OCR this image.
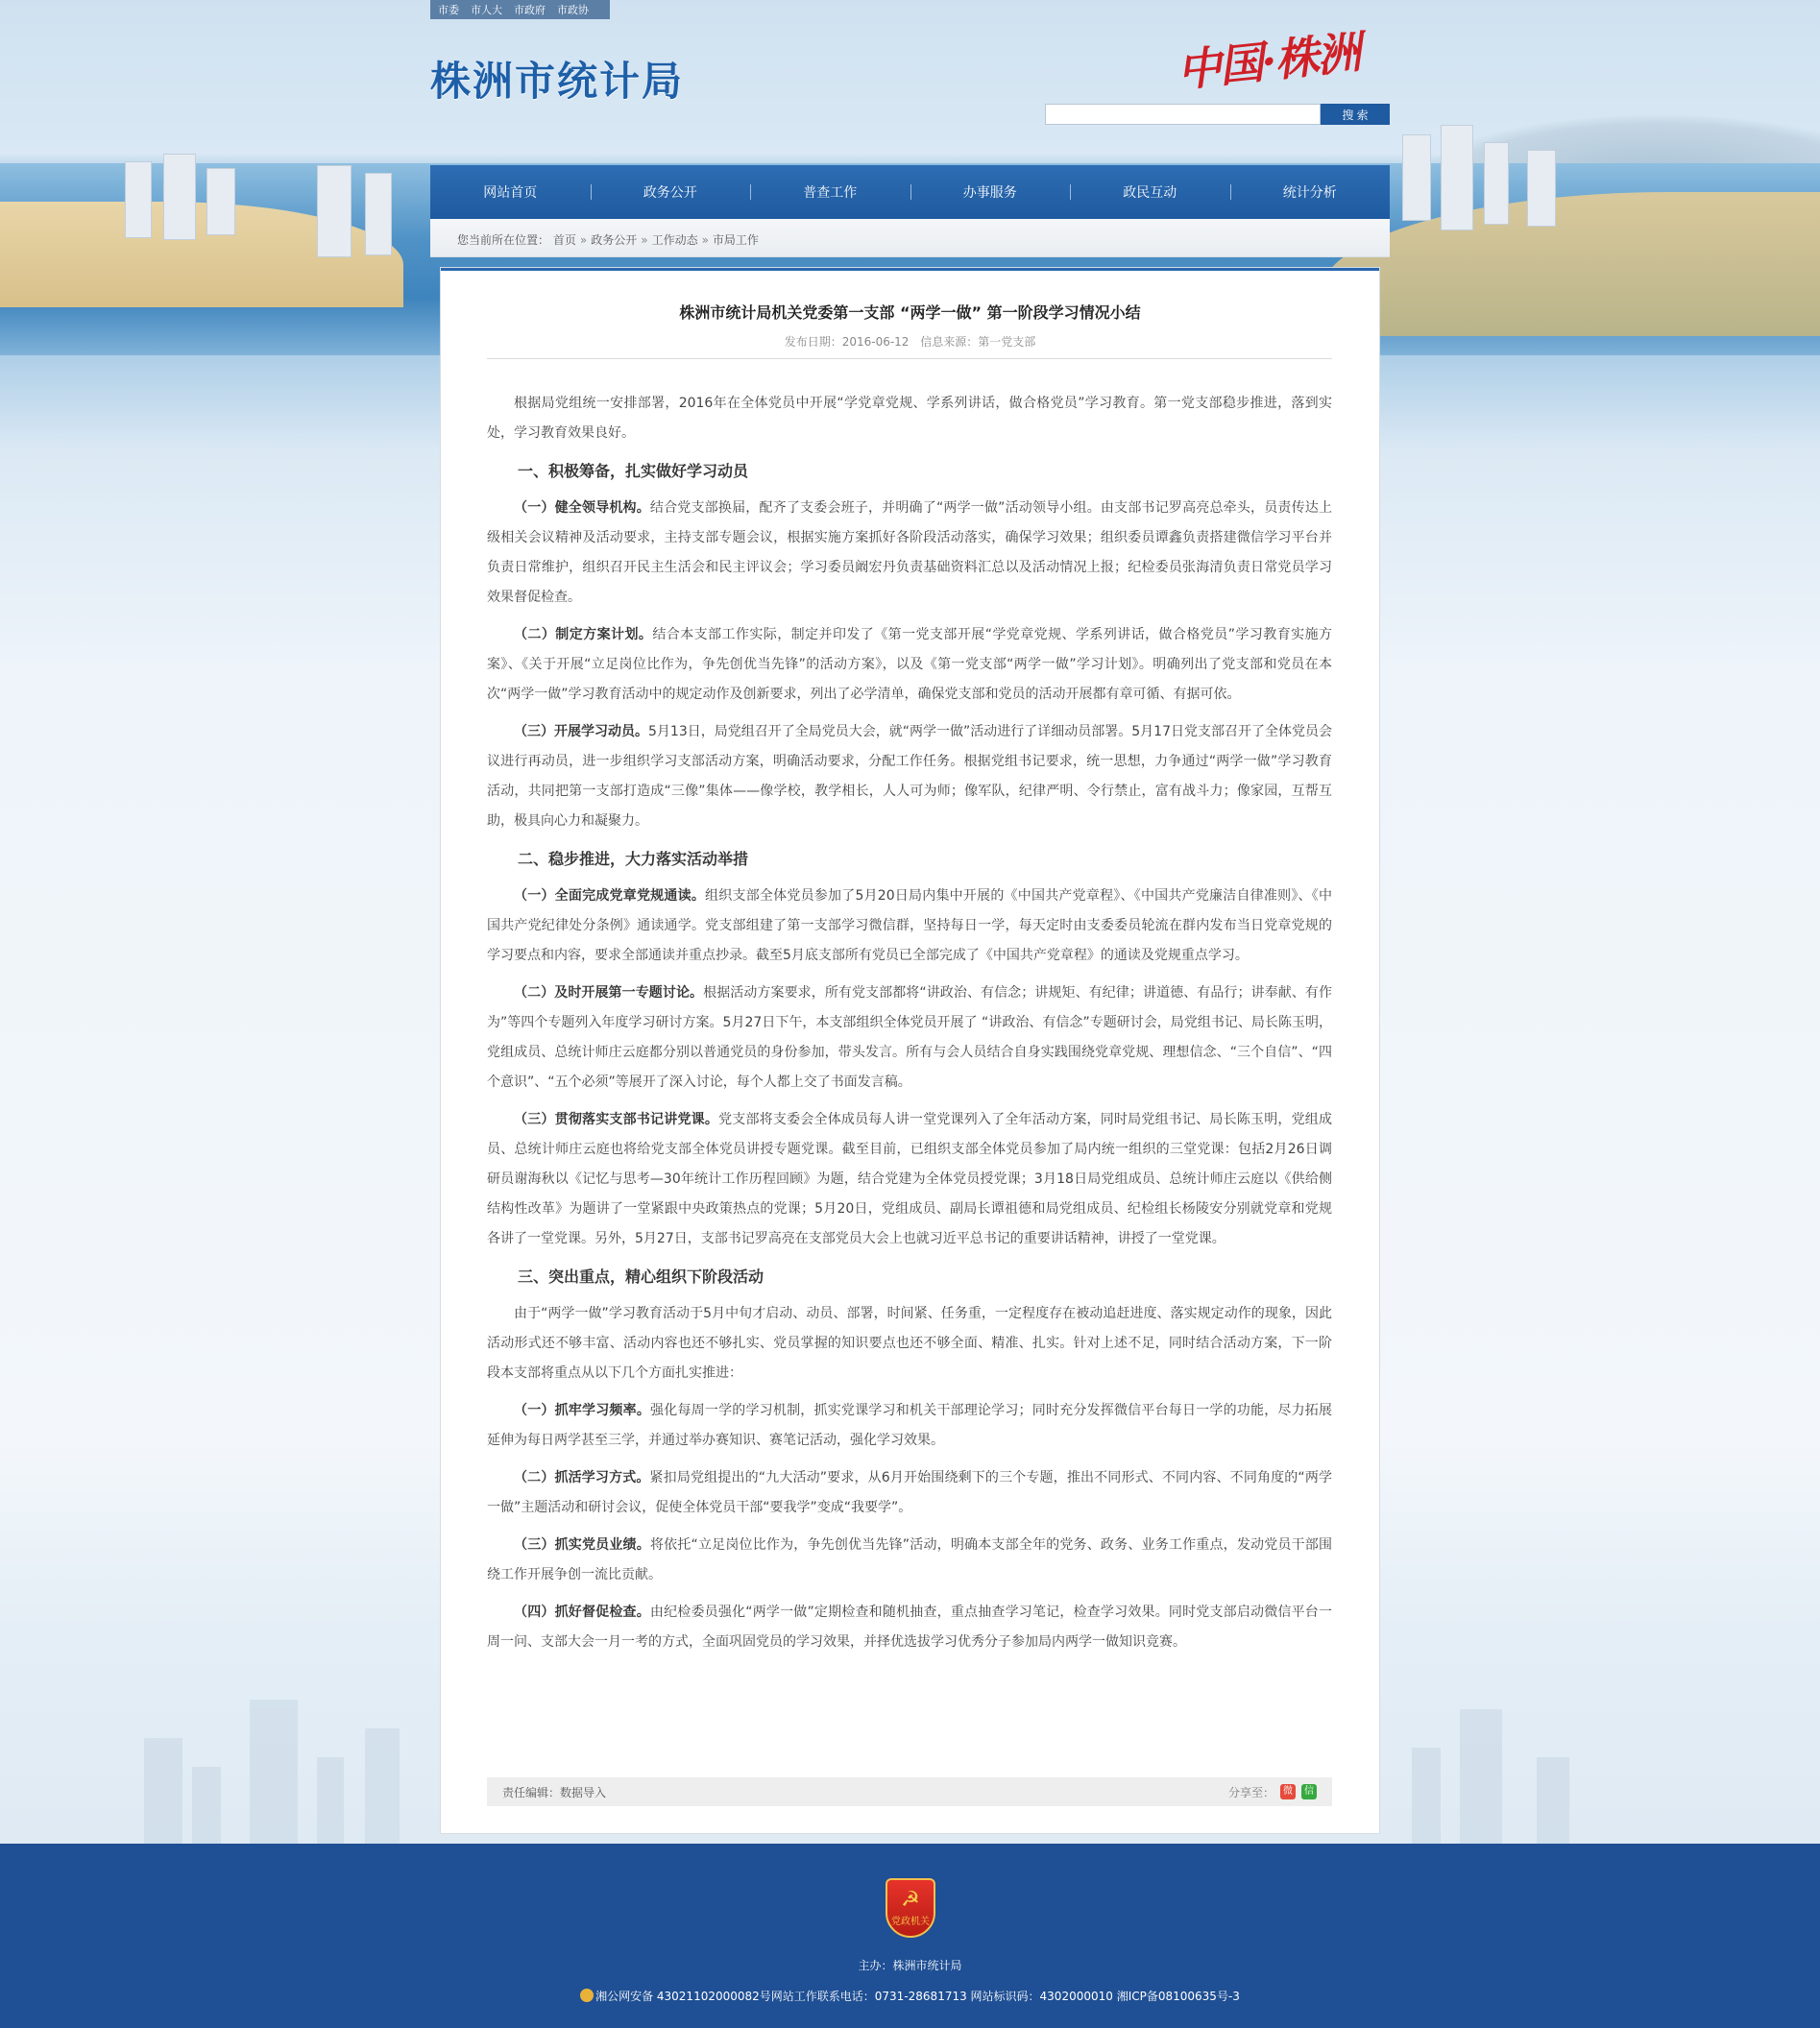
市委 市人大 市政府 市政协
株洲市统计局	中国·株洲
搜 索
网站首页	政务公开	普查工作	办事服务	政民互动	统计分析
您当前所在位置： 首页 » 政务公开 » 工作动态 » 市局工作
株洲市统计局机关党委第一支部 “两学一做” 第一阶段学习情况小结
发布日期：2016-06-12 信息来源：第一党支部

根据局党组统一安排部署，2016年在全体党员中开展“学党章党规、学系列讲话，做合格党员”学习教育。第一党支部稳步推进，落到实处，学习教育效果良好。

一、积极筹备，扎实做好学习动员

（一）健全领导机构。结合党支部换届，配齐了支委会班子，并明确了“两学一做”活动领导小组。由支部书记罗高亮总牵头，员责传达上级相关会议精神及活动要求，主持支部专题会议，根据实施方案抓好各阶段活动落实，确保学习效果；组织委员谭鑫负责搭建微信学习平台并负责日常维护，组织召开民主生活会和民主评议会；学习委员阚宏丹负责基础资料汇总以及活动情况上报；纪检委员张海清负责日常党员学习效果督促检查。

（二）制定方案计划。结合本支部工作实际，制定并印发了《第一党支部开展“学党章党规、学系列讲话，做合格党员”学习教育实施方案》、《关于开展“立足岗位比作为，争先创优当先锋”的活动方案》，以及《第一党支部“两学一做”学习计划》。明确列出了党支部和党员在本次“两学一做”学习教育活动中的规定动作及创新要求，列出了必学清单，确保党支部和党员的活动开展都有章可循、有据可依。

（三）开展学习动员。5月13日，局党组召开了全局党员大会，就“两学一做”活动进行了详细动员部署。5月17日党支部召开了全体党员会议进行再动员，进一步组织学习支部活动方案，明确活动要求，分配工作任务。根据党组书记要求，统一思想，力争通过“两学一做”学习教育活动，共同把第一支部打造成“三像”集体——像学校，教学相长，人人可为师；像军队，纪律严明、令行禁止，富有战斗力；像家园，互帮互助，极具向心力和凝聚力。

二、稳步推进，大力落实活动举措

（一）全面完成党章党规通读。组织支部全体党员参加了5月20日局内集中开展的《中国共产党章程》、《中国共产党廉洁自律准则》、《中国共产党纪律处分条例》通读通学。党支部组建了第一支部学习微信群，坚持每日一学，每天定时由支委委员轮流在群内发布当日党章党规的学习要点和内容，要求全部通读并重点抄录。截至5月底支部所有党员已全部完成了《中国共产党章程》的通读及党规重点学习。

（二）及时开展第一专题讨论。根据活动方案要求，所有党支部都将“讲政治、有信念；讲规矩、有纪律；讲道德、有品行；讲奉献、有作为”等四个专题列入年度学习研讨方案。5月27日下午，本支部组织全体党员开展了 “讲政治、有信念”专题研讨会，局党组书记、局长陈玉明，党组成员、总统计师庄云庭都分别以普通党员的身份参加，带头发言。所有与会人员结合自身实践围绕党章党规、理想信念、“三个自信”、“四个意识”、“五个必须”等展开了深入讨论，每个人都上交了书面发言稿。

（三）贯彻落实支部书记讲党课。党支部将支委会全体成员每人讲一堂党课列入了全年活动方案，同时局党组书记、局长陈玉明，党组成员、总统计师庄云庭也将给党支部全体党员讲授专题党课。截至目前，已组织支部全体党员参加了局内统一组织的三堂党课：包括2月26日调研员谢海秋以《记忆与思考—30年统计工作历程回顾》为题，结合党建为全体党员授党课；3月18日局党组成员、总统计师庄云庭以《供给侧结构性改革》为题讲了一堂紧跟中央政策热点的党课；5月20日，党组成员、副局长谭祖德和局党组成员、纪检组长杨陵安分别就党章和党规各讲了一堂党课。另外，5月27日，支部书记罗高亮在支部党员大会上也就习近平总书记的重要讲话精神，讲授了一堂党课。

三、突出重点，精心组织下阶段活动

由于“两学一做”学习教育活动于5月中旬才启动、动员、部署，时间紧、任务重，一定程度存在被动追赶进度、落实规定动作的现象，因此活动形式还不够丰富、活动内容也还不够扎实、党员掌握的知识要点也还不够全面、精准、扎实。针对上述不足，同时结合活动方案，下一阶段本支部将重点从以下几个方面扎实推进：

（一）抓牢学习频率。强化每周一学的学习机制，抓实党课学习和机关干部理论学习；同时充分发挥微信平台每日一学的功能，尽力拓展延伸为每日两学甚至三学，并通过举办赛知识、赛笔记活动，强化学习效果。

（二）抓活学习方式。紧扣局党组提出的“九大活动”要求，从6月开始围绕剩下的三个专题，推出不同形式、不同内容、不同角度的“两学一做”主题活动和研讨会议，促使全体党员干部“要我学”变成“我要学”。

（三）抓实党员业绩。将依托“立足岗位比作为，争先创优当先锋”活动，明确本支部全年的党务、政务、业务工作重点，发动党员干部围绕工作开展争创一流比贡献。

（四）抓好督促检查。由纪检委员强化“两学一做”定期检查和随机抽查，重点抽查学习笔记，检查学习效果。同时党支部启动微信平台一周一问、支部大会一月一考的方式，全面巩固党员的学习效果，并择优选拔学习优秀分子参加局内两学一做知识竞赛。

责任编辑：数据导入	分享至： 微	信
☭
党政机关
主办：株洲市统计局
湘公网安备 43021102000082号网站工作联系电话：0731-28681713 网站标识码：4302000010 湘ICP备08100635号-3
